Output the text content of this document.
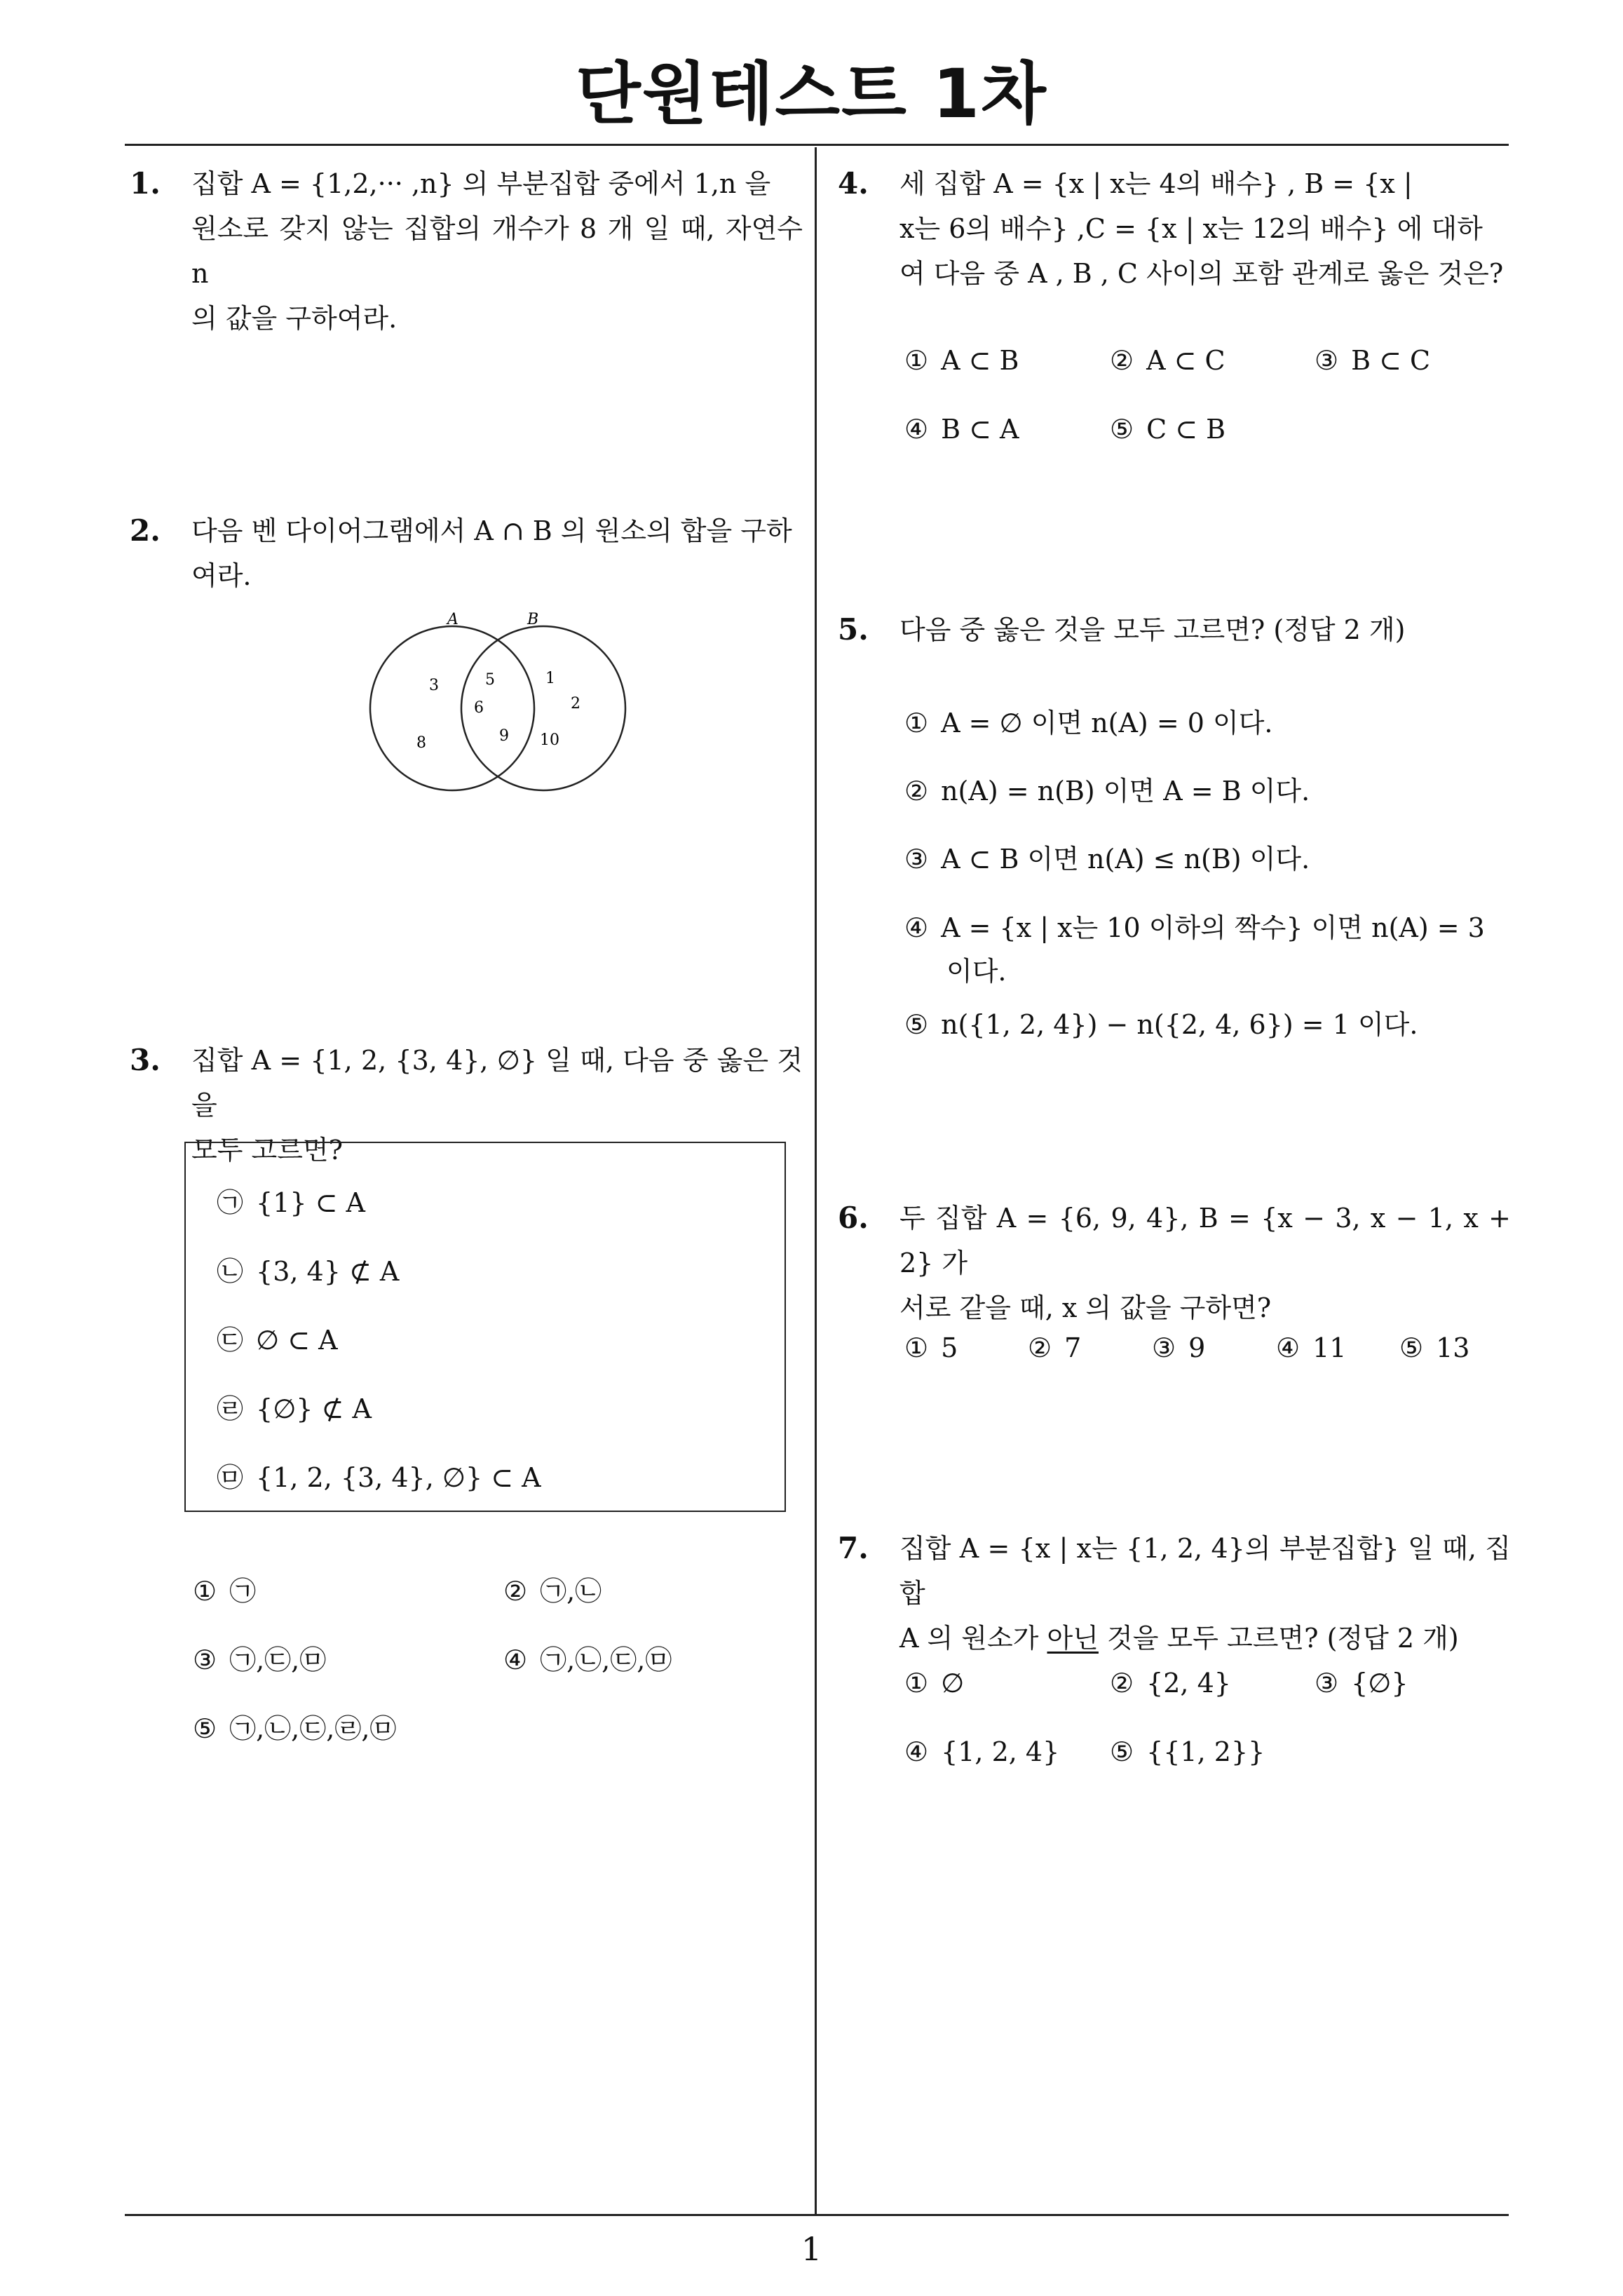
단원테스트 1차
1
1. 집합 A = {1,2,··· ,n} 의 부분집합 중에서 1,n 을
원소로 갖지 않는 집합의 개수가 8 개 일 때, 자연수 n
의 값을 구하여라.
2. 다음 벤 다이어그램에서 A ∩ B 의 원소의 합을 구하
여라.
A	B
3
8
5
6
9
1
2
10
3. 집합 A = {1, 2, {3, 4}, ∅} 일 때, 다음 중 옳은 것을
모두 고르면?
㉠ {1} ⊂ A
㉡ {3, 4} ⊄ A
㉢ ∅ ⊂ A
㉣ {∅} ⊄ A
㉤ {1, 2, {3, 4}, ∅} ⊂ A
① ㉠	② ㉠,㉡
③ ㉠,㉢,㉤	④ ㉠,㉡,㉢,㉤
⑤ ㉠,㉡,㉢,㉣,㉤
4. 세 집합 A = {x | x는 4의 배수} , B = {x |
x는 6의 배수} ,C = {x | x는 12의 배수} 에 대하
여 다음 중 A , B , C 사이의 포함 관계로 옳은 것은?
① A ⊂ B	② A ⊂ C	③ B ⊂ C
④ B ⊂ A	⑤ C ⊂ B
5. 다음 중 옳은 것을 모두 고르면? (정답 2 개)
① A = ∅ 이면 n(A) = 0 이다.
② n(A) = n(B) 이면 A = B 이다.
③ A ⊂ B 이면 n(A) ≤ n(B) 이다.
④ A = {x | x는 10 이하의 짝수} 이면 n(A) = 3
이다.
⑤ n({1, 2, 4}) − n({2, 4, 6}) = 1 이다.
6. 두 집합 A = {6, 9, 4}, B = {x − 3, x − 1, x + 2} 가
서로 같을 때, x 의 값을 구하면?
① 5	② 7	③ 9	④ 11 ⑤ 13
7. 집합 A = {x | x는 {1, 2, 4}의 부분집합} 일 때, 집합
A 의 원소가 아닌 것을 모두 고르면? (정답 2 개)
① ∅	② {2, 4}	③ {∅}
④ {1, 2, 4} ⑤ {{1, 2}}
